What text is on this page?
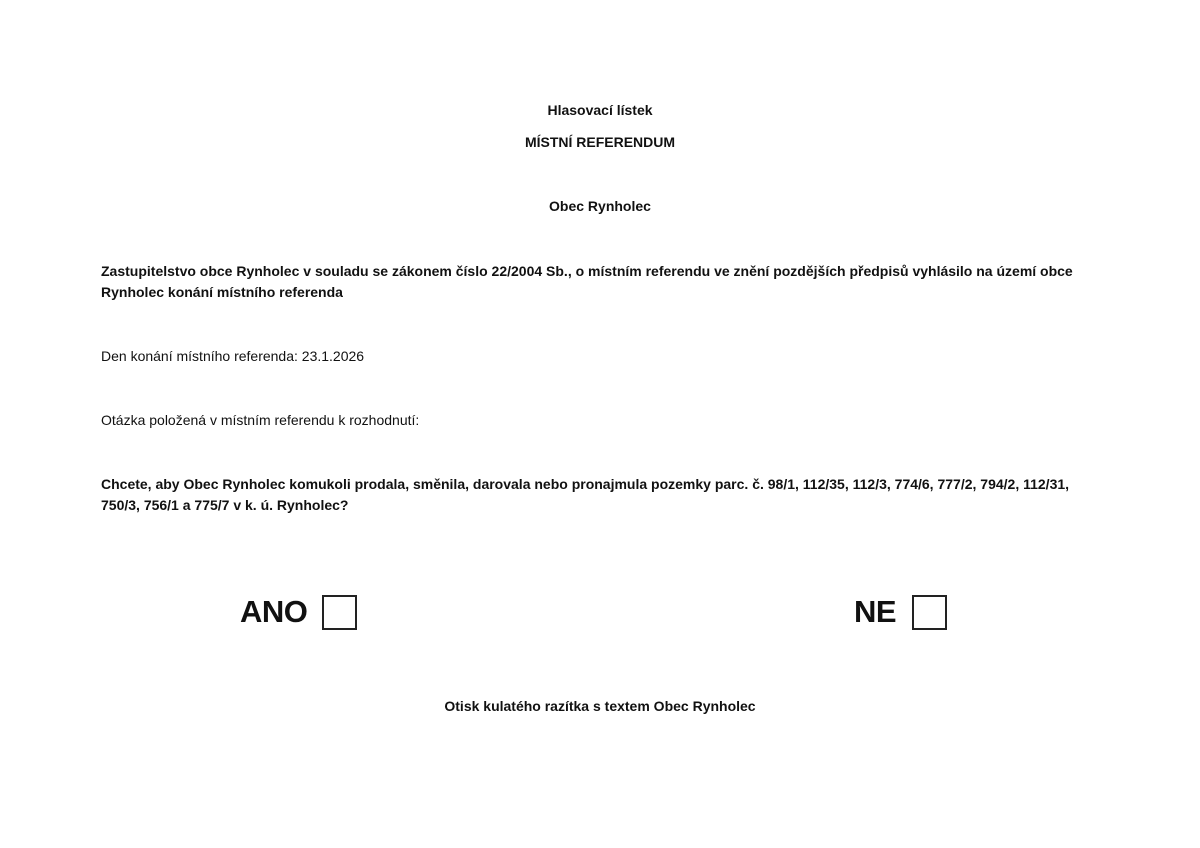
Hlasovací lístek
MÍSTNÍ REFERENDUM
Obec Rynholec
Zastupitelstvo obce Rynholec v souladu se zákonem číslo 22/2004 Sb., o místním referendu ve znění pozdějších předpisů vyhlásilo na území obce Rynholec konání místního referenda
Den konání místního referenda: 23.1.2026
Otázka položená v místním referendu k rozhodnutí:
Chcete, aby Obec Rynholec komukoli prodala, směnila, darovala nebo pronajmula pozemky parc. č. 98/1, 112/35, 112/3, 774/6, 777/2, 794/2, 112/31, 750/3, 756/1 a 775/7 v k. ú. Rynholec?
ANO	NE
Otisk kulatého razítka s textem Obec Rynholec
